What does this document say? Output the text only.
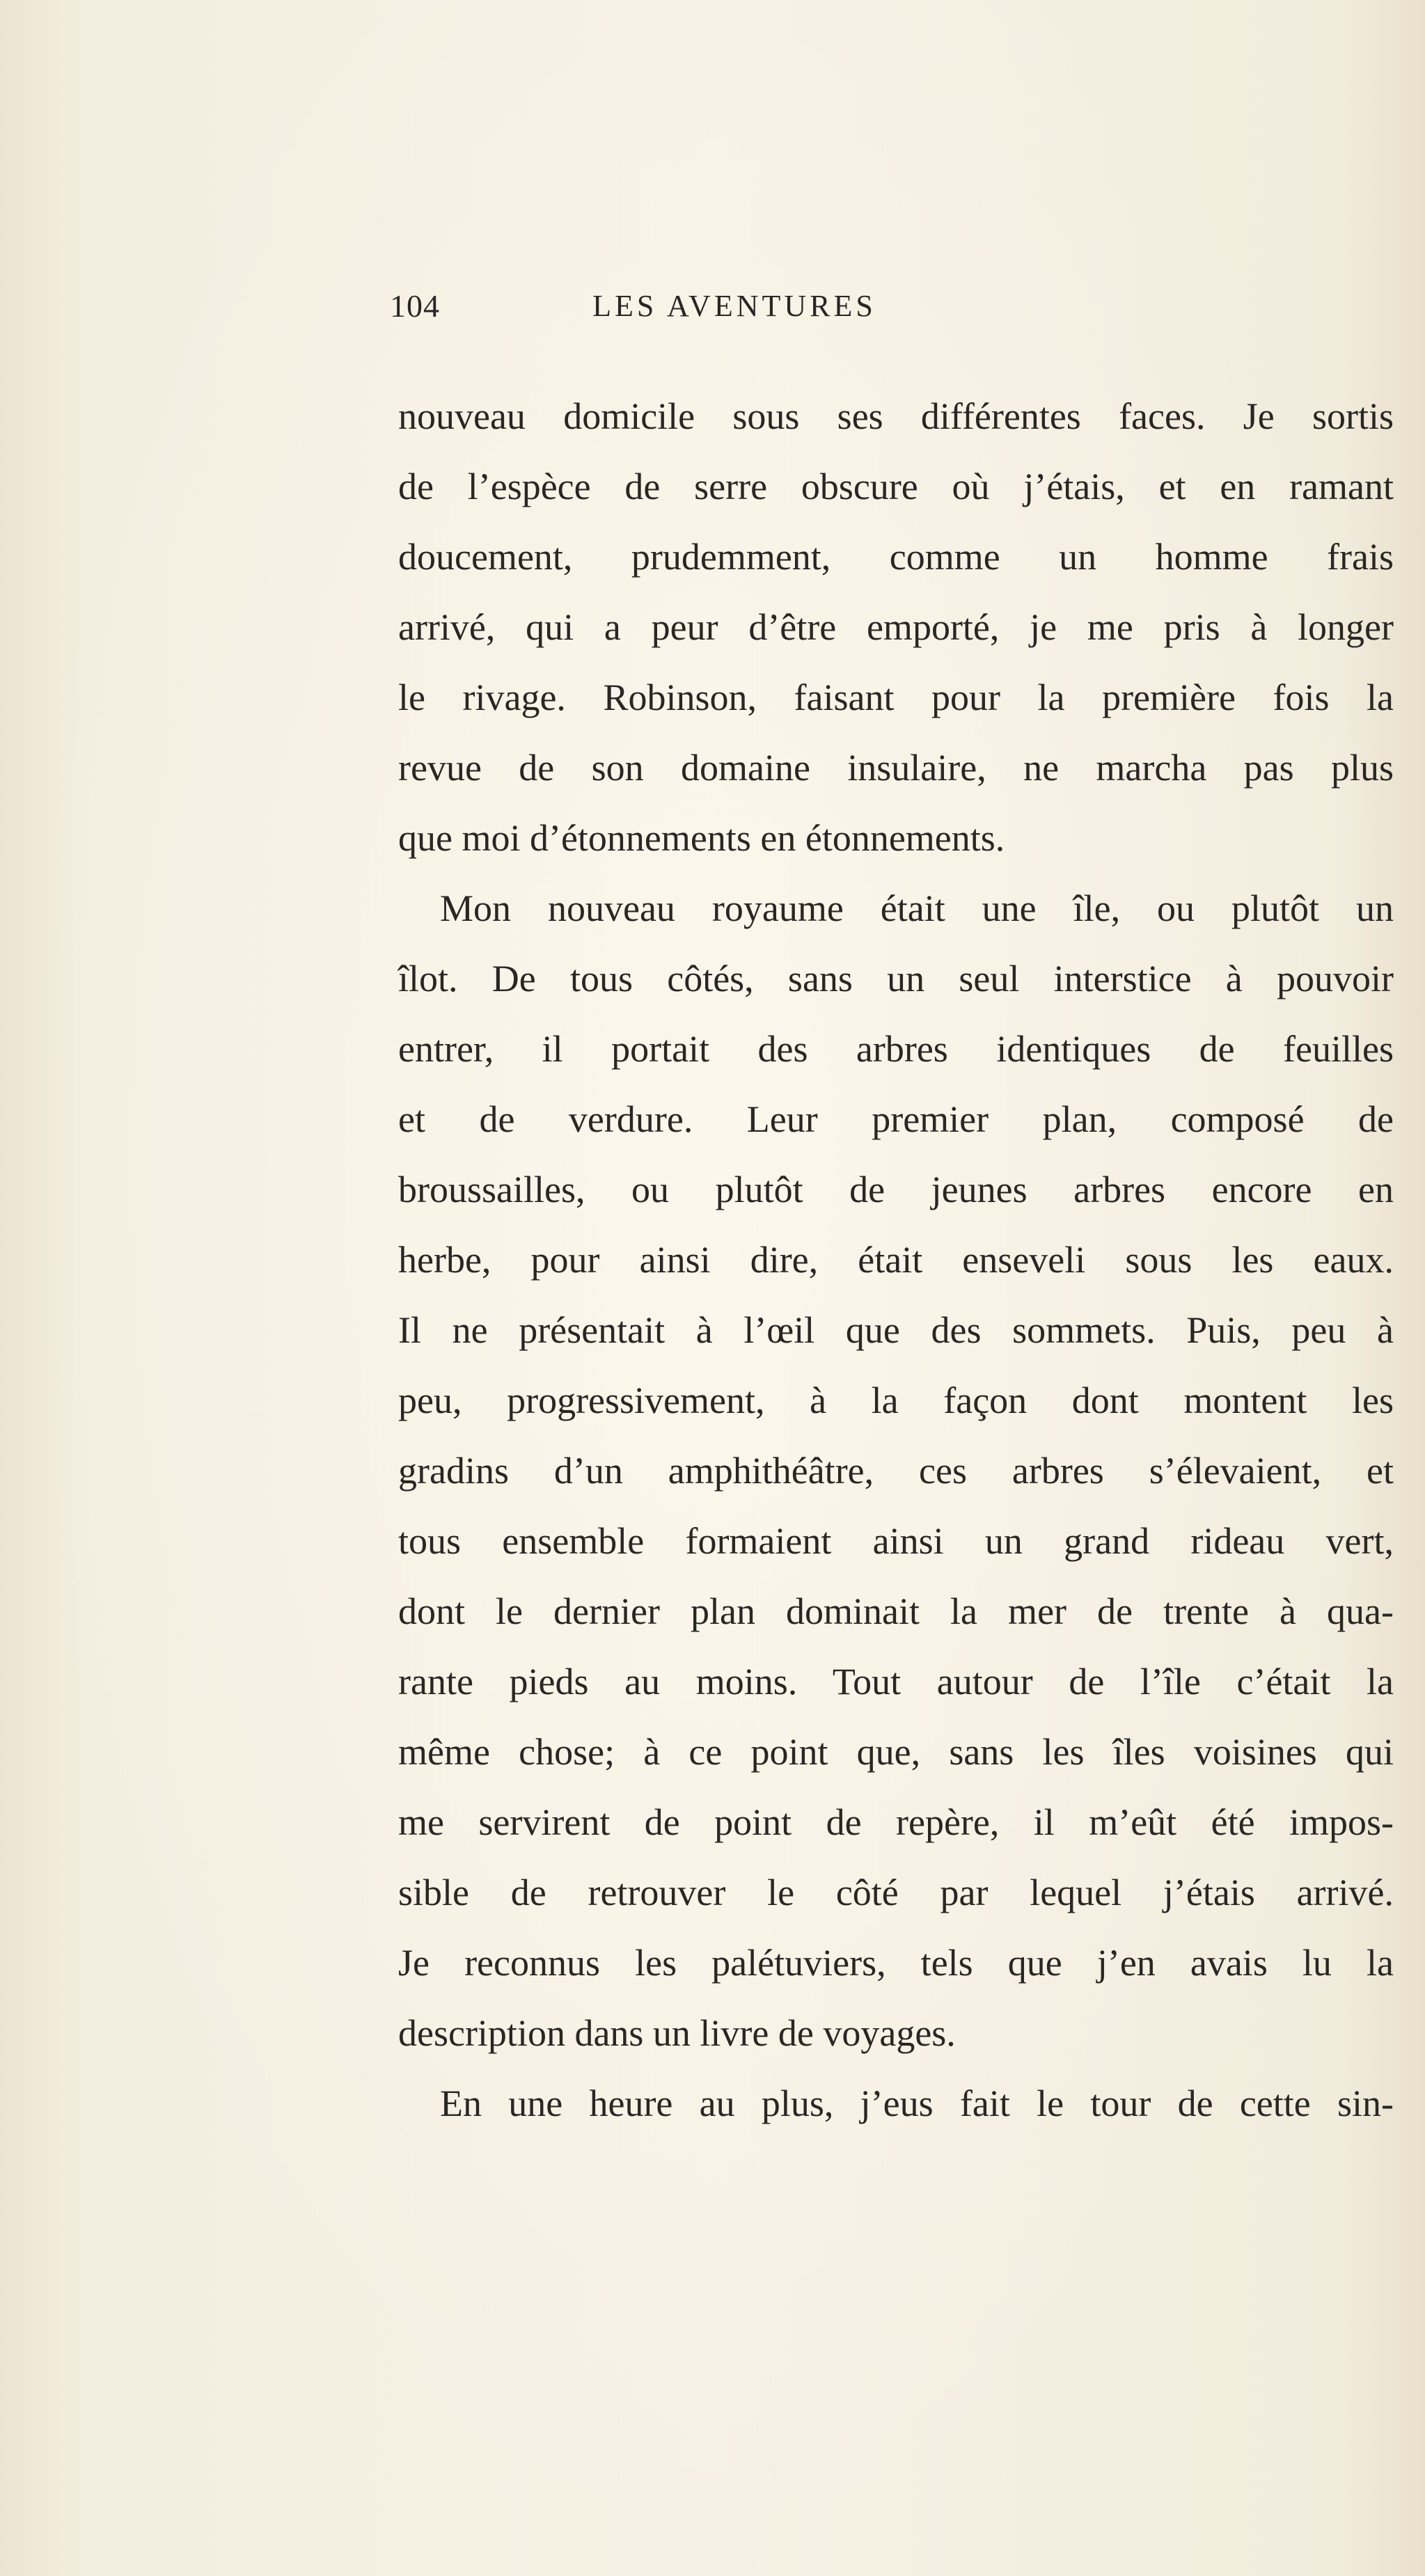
104	LES AVENTURES
nouveau domicile sous ses différentes faces. Je sortis
de l’espèce de serre obscure où j’étais, et en ramant
doucement, prudemment, comme un homme frais
arrivé, qui a peur d’être emporté, je me pris à longer
le rivage. Robinson, faisant pour la première fois la
revue de son domaine insulaire, ne marcha pas plus
que moi d’étonnements en étonnements.
Mon nouveau royaume était une île, ou plutôt un
îlot. De tous côtés, sans un seul interstice à pouvoir
entrer, il portait des arbres identiques de feuilles
et de verdure. Leur premier plan, composé de
broussailles, ou plutôt de jeunes arbres encore en
herbe, pour ainsi dire, était enseveli sous les eaux.
Il ne présentait à l’œil que des sommets. Puis, peu à
peu, progressivement, à la façon dont montent les
gradins d’un amphithéâtre, ces arbres s’élevaient, et
tous ensemble formaient ainsi un grand rideau vert,
dont le dernier plan dominait la mer de trente à qua-
rante pieds au moins. Tout autour de l’île c’était la
même chose; à ce point que, sans les îles voisines qui
me servirent de point de repère, il m’eût été impos-
sible de retrouver le côté par lequel j’étais arrivé.
Je reconnus les palétuviers, tels que j’en avais lu la
description dans un livre de voyages.
En une heure au plus, j’eus fait le tour de cette sin-
